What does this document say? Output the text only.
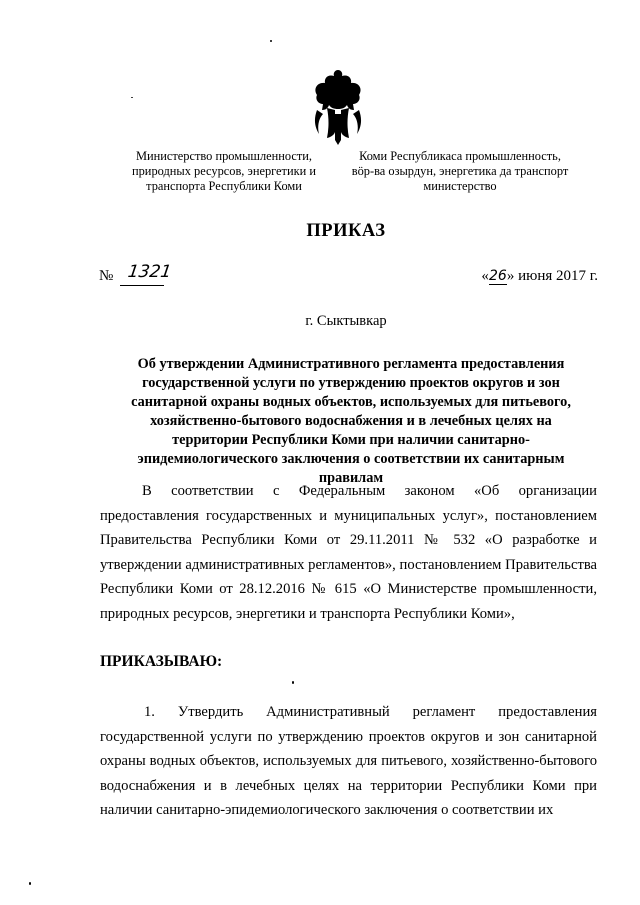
Министерство промышленности,
природных ресурсов, энергетики и
транспорта Республики Коми
Коми Республикаса промышленность,
вӧр-ва озырдун, энергетика да транспорт
министерство
ПРИКАЗ
№ 1321	«26» июня 2017 г.
г. Сыктывкар
Об утверждении Административного регламента предоставления государственной услуги по утверждению проектов округов и зон санитарной охраны водных объектов, используемых для питьевого, хозяйственно-бытового водоснабжения и в лечебных целях на территории Республики Коми при наличии санитарно-эпидемиологического заключения о соответствии их санитарным правилам
В соответствии с Федеральным законом «Об организации предоставления государственных и муниципальных услуг», постановлением Правительства Республики Коми от 29.11.2011 № 532 «О разработке и утверждении административных регламентов», постановлением Правительства Республики Коми от 28.12.2016 № 615 «О Министерстве промышленности, природных ресурсов, энергетики и транспорта Республики Коми»,
ПРИКАЗЫВАЮ:
1. Утвердить Административный регламент предоставления государственной услуги по утверждению проектов округов и зон санитарной охраны водных объектов, используемых для питьевого, хозяйственно-бытового водоснабжения и в лечебных целях на территории Республики Коми при наличии санитарно-эпидемиологического заключения о соответствии их
